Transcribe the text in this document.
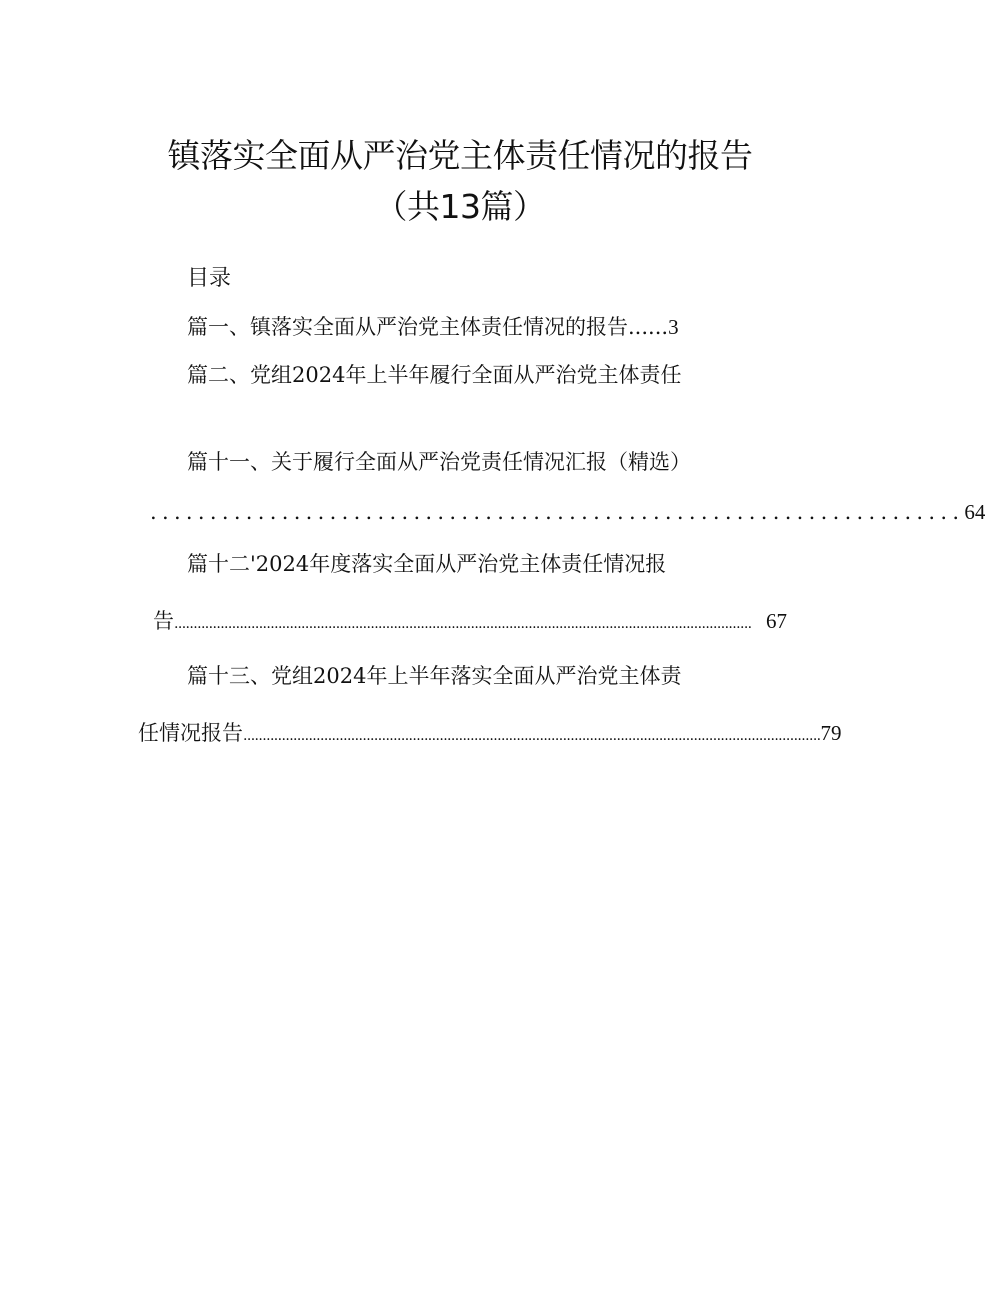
镇落实全面从严治党主体责任情况的报告
（共13篇）
目录
篇一、镇落实全面从严治党主体责任情况的报告 ...... 3
篇二、党组2024年上半年履行全面从严治党主体责任
篇十一、关于履行全面从严治党责任情况汇报（精选）
.................................................................... 64
篇十二'2024年度落实全面从严治党主体责任情况报
告 ...................................................................................................................................................... 67
篇十三、党组2024年上半年落实全面从严治党主体责
任情况报告 ...................................................................................................................................................... 79
